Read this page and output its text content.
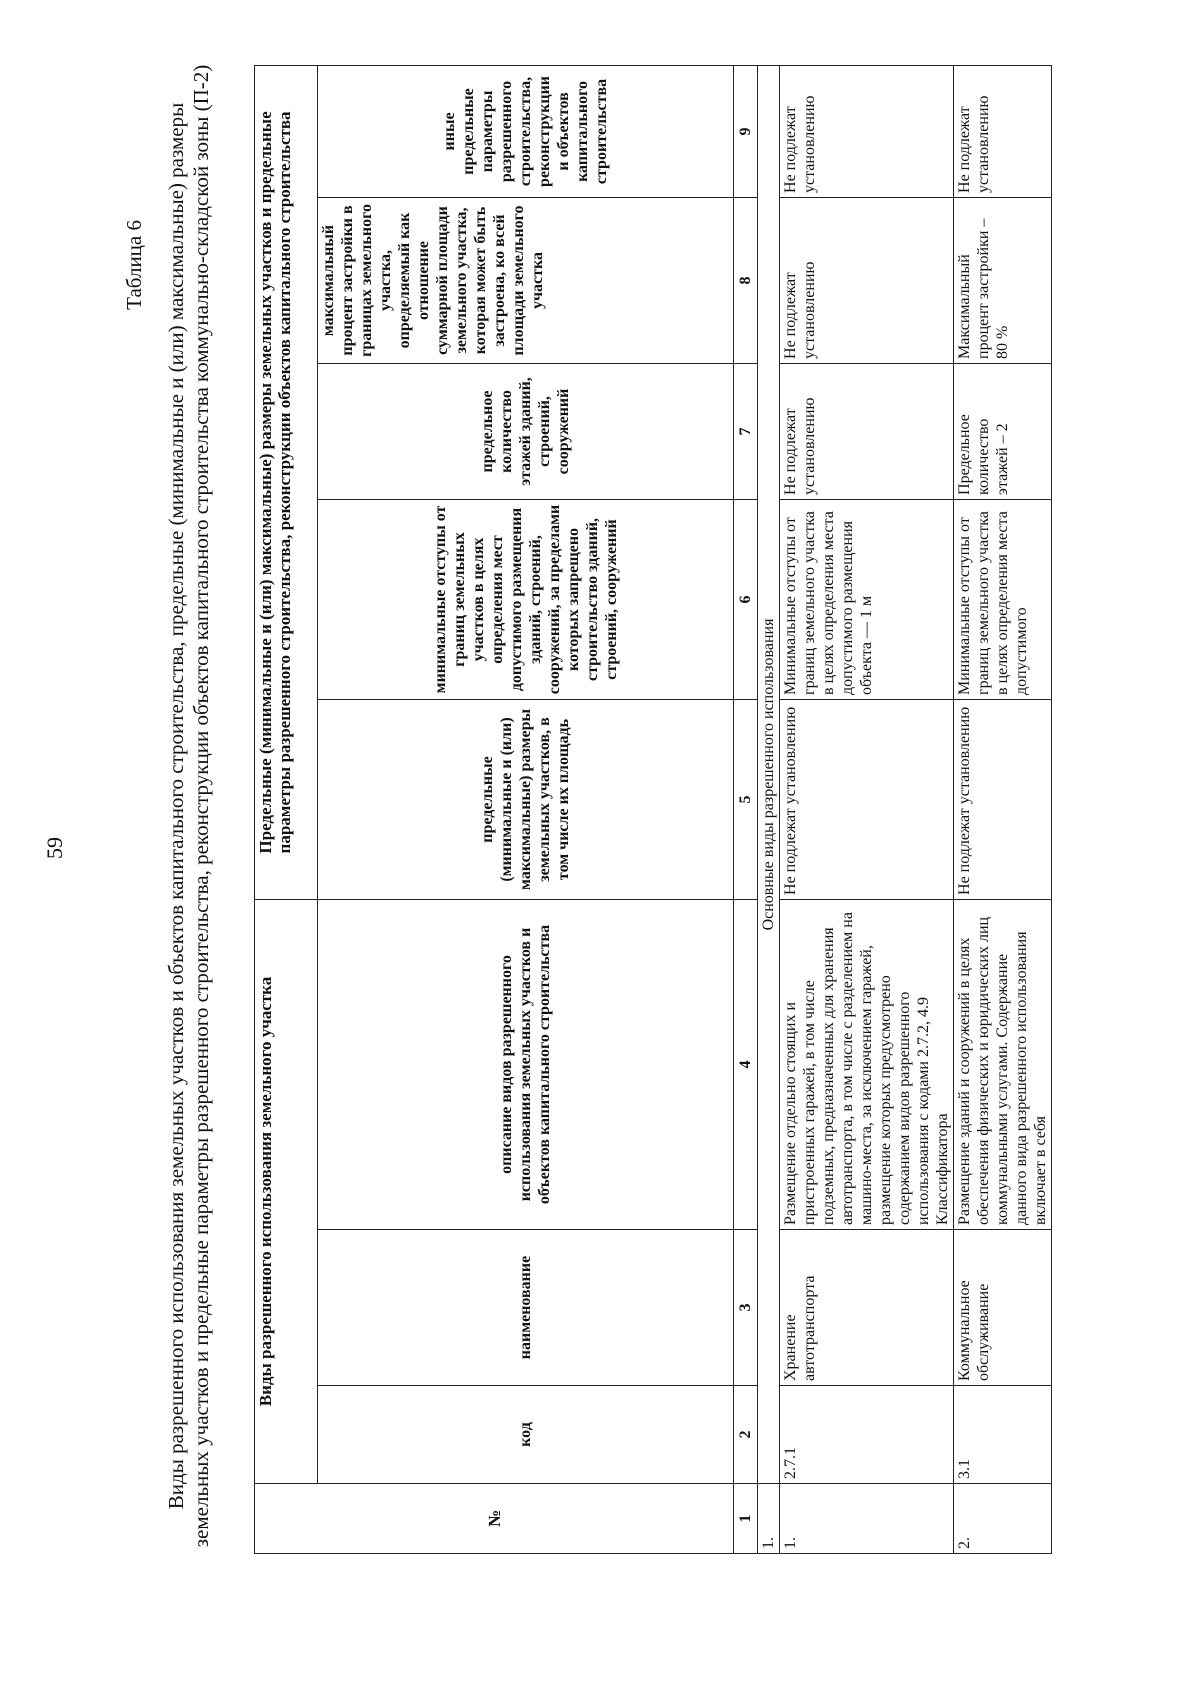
59
Таблица 6 Виды разрешенного использования земельных участков и объектов капитального строительства, предельные (минимальные и (или) максимальные) размеры земельных участков и предельные параметры разрешенного строительства, реконструкции объектов капитального строительства коммунально-складской зоны (П-2)	№	Виды разрешенного использования земельного участка			Предельные (минимальные и (или) максимальные) размеры земельных участков и предельные параметры разрешенного строительства, реконструкции объектов капитального строительства				
	код	наименование	описание видов разрешенного использования земельных участков и объектов капитального строительства	предельные (минимальные и (или) максимальные) размеры земельных участков, в том числе их площадь	минимальные отступы от границ земельных участков в целях определения мест допустимого размещения зданий, строений, сооружений, за пределами которых запрещено строительство зданий, строений, сооружений	предельное количество этажей зданий, строений, сооружений	максимальный процент застройки в границах земельного участка, определяемый как отношение суммарной площади земельного участка, которая может быть застроена, ко всей площади земельного участка	иные предельные параметры разрешенного строительства, реконструкции и объектов капитального строительства
1	2	3	4	5	6	7	8	9
1.	Основные виды разрешенного использования							
1.	2.7.1	Хранение автотранспорта	Размещение отдельно стоящих и пристроенных гаражей, в том числе подземных, предназначенных для хранения автотранспорта, в том числе с разделением на машино-места, за исключением гаражей, размещение которых предусмотрено содержанием видов разрешенного использования с кодами 2.7.2, 4.9 Классификатора	Не подлежат установлению	Минимальные отступы от границ земельного участка в целях определения места допустимого размещения объекта — 1 м	Не подлежат установлению	Не подлежат установлению	Не подлежат установлению
2.	3.1	Коммунальное обслуживание	Размещение зданий и сооружений в целях обеспечения физических и юридических лиц коммунальными услугами. Содержание данного вида разрешенного использования включает в себя	Не подлежат установлению	Минимальные отступы от границ земельного участка в целях определения места допустимого	Предельное количество этажей – 2	Максимальный процент застройки – 80 %	Не подлежат установлению
